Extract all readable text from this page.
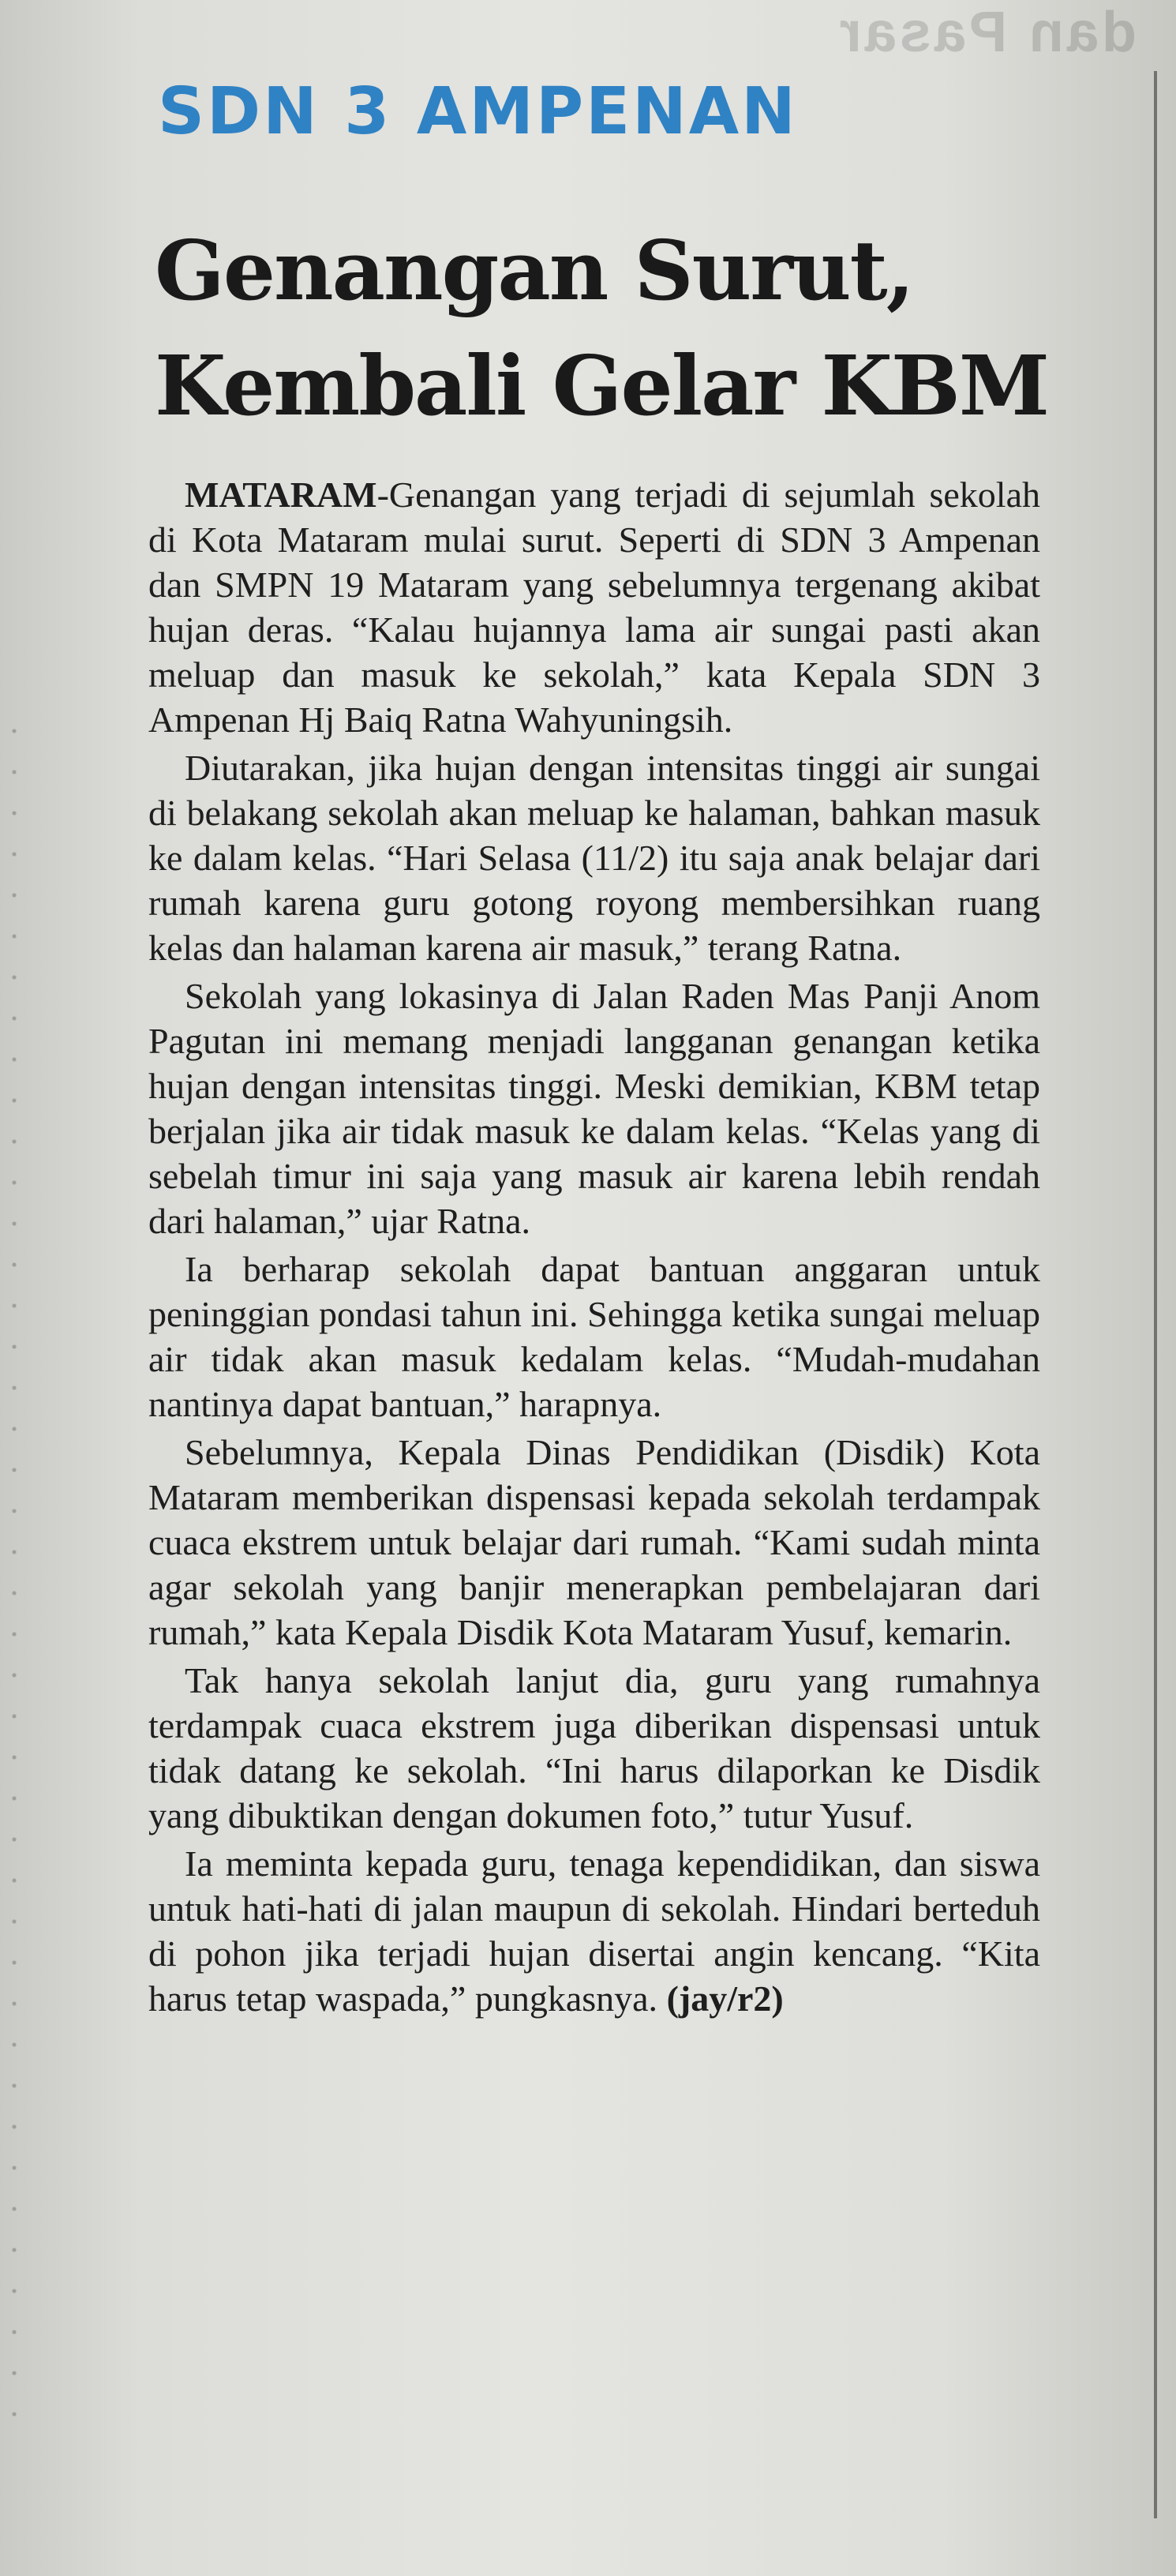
dan Pasar
SDN 3 AMPENAN
Genangan Surut, Kembali Gelar KBM

MATARAM-Genangan yang terjadi di sejumlah sekolah di Kota Mataram mulai surut. Seperti di SDN 3 Ampenan dan SMPN 19 Mataram yang sebelumnya tergenang akibat hujan deras. “Kalau hujannya lama air sungai pasti akan meluap dan masuk ke sekolah,” kata Kepala SDN 3 Ampenan Hj Baiq Ratna Wahyuningsih.

Diutarakan, jika hujan dengan intensitas tinggi air sungai di belakang sekolah akan meluap ke halaman, bahkan masuk ke dalam kelas. “Hari Selasa (11/2) itu saja anak belajar dari rumah karena guru gotong royong membersihkan ruang kelas dan halaman karena air masuk,” terang Ratna.

Sekolah yang lokasinya di Jalan Raden Mas Panji Anom Pagutan ini memang menjadi langganan genangan ketika hujan dengan intensitas tinggi. Meski demikian, KBM tetap berjalan jika air tidak masuk ke dalam kelas. “Kelas yang di sebelah timur ini saja yang masuk air karena lebih rendah dari halaman,” ujar Ratna.

Ia berharap sekolah dapat bantuan anggaran untuk peninggian pondasi tahun ini. Sehingga ketika sungai meluap air tidak akan masuk kedalam kelas. “Mudah-mudahan nantinya dapat bantuan,” harapnya.

Sebelumnya, Kepala Dinas Pendidikan (Disdik) Kota Mataram memberikan dispensasi kepada sekolah terdampak cuaca ekstrem untuk belajar dari rumah. “Kami sudah minta agar sekolah yang banjir menerapkan pembelajaran dari rumah,” kata Kepala Disdik Kota Mataram Yusuf, kemarin.

Tak hanya sekolah lanjut dia, guru yang rumahnya terdampak cuaca ekstrem juga diberikan dispensasi untuk tidak datang ke sekolah. “Ini harus dilaporkan ke Disdik yang dibuktikan dengan dokumen foto,” tutur Yusuf.

Ia meminta kepada guru, tenaga kependidikan, dan siswa untuk hati-hati di jalan maupun di sekolah. Hindari berteduh di pohon jika terjadi hujan disertai angin kencang. “Kita harus tetap waspada,” pungkasnya. (jay/r2)
